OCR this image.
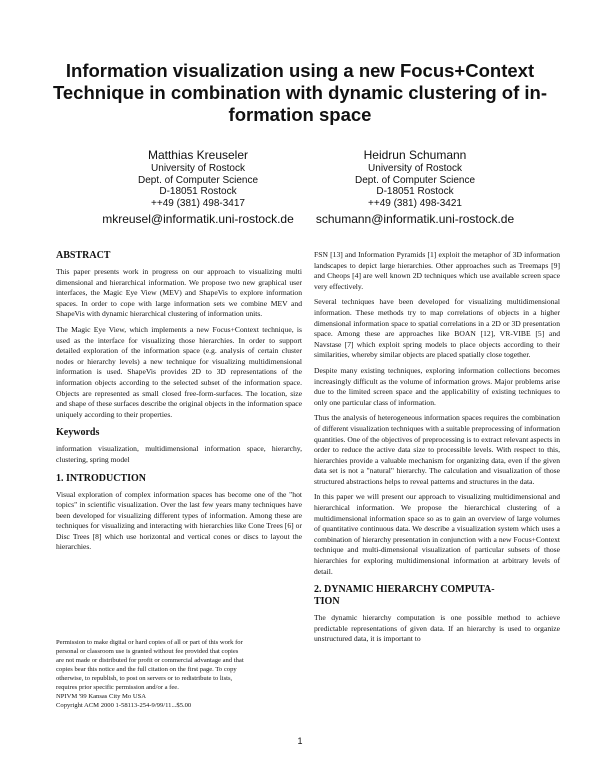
Information visualization using a new Focus+Context
Technique in combination with dynamic clustering of in-
formation space
Matthias Kreuseler
University of Rostock
Dept. of Computer Science
D-18051 Rostock
++49 (381) 498-3417
mkreusel@informatik.uni-rostock.de
Heidrun Schumann
University of Rostock
Dept. of Computer Science
D-18051 Rostock
++49 (381) 498-3421
schumann@informatik.uni-rostock.de
ABSTRACT

This paper presents work in progress on our approach to visualizing multi dimensional and hierarchical information. We propose two new graphical user interfaces, the Magic Eye View (MEV) and ShapeVis to explore information spaces. In order to cope with large information sets we combine MEV and ShapeVis with dynamic hierarchical clustering of information units.

The Magic Eye View, which implements a new Focus+Context technique, is used as the interface for visualizing those hierarchies. In order to support detailed exploration of the information space (e.g. analysis of certain cluster nodes or hierarchy levels) a new technique for visualizing multidimensional information is used. ShapeVis provides 2D to 3D representations of the information objects according to the selected subset of the information space. Objects are represented as small closed free-form-surfaces. The location, size and shape of these surfaces describe the original objects in the information space uniquely according to their properties.

Keywords

information visualization, multidimensional information space, hierarchy, clustering, spring model

1. INTRODUCTION

Visual exploration of complex information spaces has become one of the "hot topics" in scientific visualization. Over the last few years many techniques have been developed for visualizing different types of information. Among these are techniques for visualizing and interacting with hierarchies like Cone Trees [6] or Disc Trees [8] which use horizontal and vertical cones or discs to layout the hierarchies.

Permission to make digital or hard copies of all or part of this work for

personal or classroom use is granted without fee provided that copies

are not made or distributed for profit or commercial advantage and that

copies bear this notice and the full citation on the first page. To copy

otherwise, to republish, to post on servers or to redistribute to lists,

requires prior specific permission and/or a fee.

NPIVM '99 Kansas City Mo USA

Copyright ACM 2000 1-58113-254-9/99/11...$5.00

FSN [13] and Information Pyramids [1] exploit the metaphor of 3D information landscapes to depict large hierarchies. Other approaches such as Treemaps [9] and Cheops [4] are well known 2D techniques which use available screen space very effectively.

Several techniques have been developed for visualizing multidimensional information. These methods try to map correlations of objects in a higher dimensional information space to spatial correlations in a 2D or 3D presentation space. Among these are approaches like BOAN [12], VR-VIBE [5] and Navstase [7] which exploit spring models to place objects according to their similarities, whereby similar objects are placed spatially close together.

Despite many existing techniques, exploring information collections becomes increasingly difficult as the volume of information grows. Major problems arise due to the limited screen space and the applicability of existing techniques to only one particular class of information.

Thus the analysis of heterogeneous information spaces requires the combination of different visualization techniques with a suitable preprocessing of information quantities. One of the objectives of preprocessing is to extract relevant aspects in order to reduce the active data size to processible levels. With respect to this, hierarchies provide a valuable mechanism for organizing data, even if the given data set is not a "natural" hierarchy. The calculation and visualization of those structured abstractions helps to reveal patterns and structures in the data.

In this paper we will present our approach to visualizing multidimensional and hierarchical information. We propose the hierarchical clustering of a multidimensional information space so as to gain an overview of large volumes of quantitative continuous data. We describe a visualization system which uses a combination of hierarchy presentation in conjunction with a new Focus+Context technique and multi-dimensional visualization of particular subsets of those hierarchies for exploring multidimensional information at arbitrary levels of detail.

2. DYNAMIC HIERARCHY COMPUTA-
TION

The dynamic hierarchy computation is one possible method to achieve predictable representations of given data. If an hierarchy is used to organize unstructured data, it is important to

1
